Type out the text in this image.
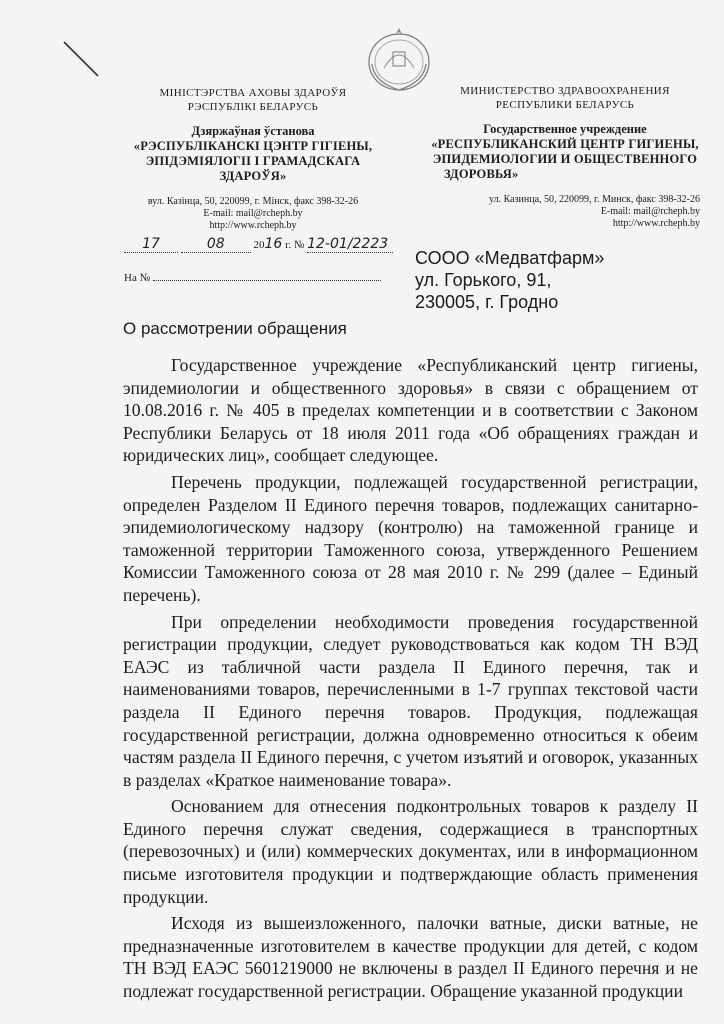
МІНІСТЭРСТВА АХОВЫ ЗДАРОЎЯ
РЭСПУБЛІКІ БЕЛАРУСЬ
Дзяржаўная ўстанова
«РЭСПУБЛІКАНСКІ ЦЭНТР ГІГІЕНЫ,
ЭПІДЭМІЯЛОГІІ І ГРАМАДСКАГА
ЗДАРОЎЯ»
вул. Казінца, 50, 220099, г. Мінск, факс 398-32-26
E-mail: mail@rcheph.by
http://www.rcheph.by
МИНИСТЕРСТВО ЗДРАВООХРАНЕНИЯ
РЕСПУБЛИКИ БЕЛАРУСЬ
Государственное учреждение
«РЕСПУБЛИКАНСКИЙ ЦЕНТР ГИГИЕНЫ,
ЭПИДЕМИОЛОГИИ И ОБЩЕСТВЕННОГО
ЗДОРОВЬЯ»
ул. Казинца, 50, 220099, г. Минск, факс 398-32-26
E-mail: mail@rcheph.by
http://www.rcheph.by
17	08	2016 г. № 12-01/2223
На №
СООО «Медватфарм»
ул. Горького, 91,
230005, г. Гродно
О рассмотрении обращения

Государственное учреждение «Республиканский центр гигиены, эпидемиологии и общественного здоровья» в связи с обращением от 10.08.2016 г. № 405 в пределах компетенции и в соответствии с Законом Республики Беларусь от 18 июля 2011 года «Об обращениях граждан и юридических лиц», сообщает следующее.

Перечень продукции, подлежащей государственной регистрации, определен Разделом II Единого перечня товаров, подлежащих санитарно-эпидемиологическому надзору (контролю) на таможенной границе и таможенной территории Таможенного союза, утвержденного Решением Комиссии Таможенного союза от 28 мая 2010 г. № 299 (далее – Единый перечень).

При определении необходимости проведения государственной регистрации продукции, следует руководствоваться как кодом ТН ВЭД ЕАЭС из табличной части раздела II Единого перечня, так и наименованиями товаров, перечисленными в 1-7 группах текстовой части раздела II Единого перечня товаров. Продукция, подлежащая государственной регистрации, должна одновременно относиться к обеим частям раздела II Единого перечня, с учетом изъятий и оговорок, указанных в разделах «Краткое наименование товара».

Основанием для отнесения подконтрольных товаров к разделу II Единого перечня служат сведения, содержащиеся в транспортных (перевозочных) и (или) коммерческих документах, или в информационном письме изготовителя продукции и подтверждающие область применения продукции.

Исходя из вышеизложенного, палочки ватные, диски ватные, не предназначенные изготовителем в качестве продукции для детей, с кодом ТН ВЭД ЕАЭС 5601219000 не включены в раздел II Единого перечня и не подлежат государственной регистрации. Обращение указанной продукции
